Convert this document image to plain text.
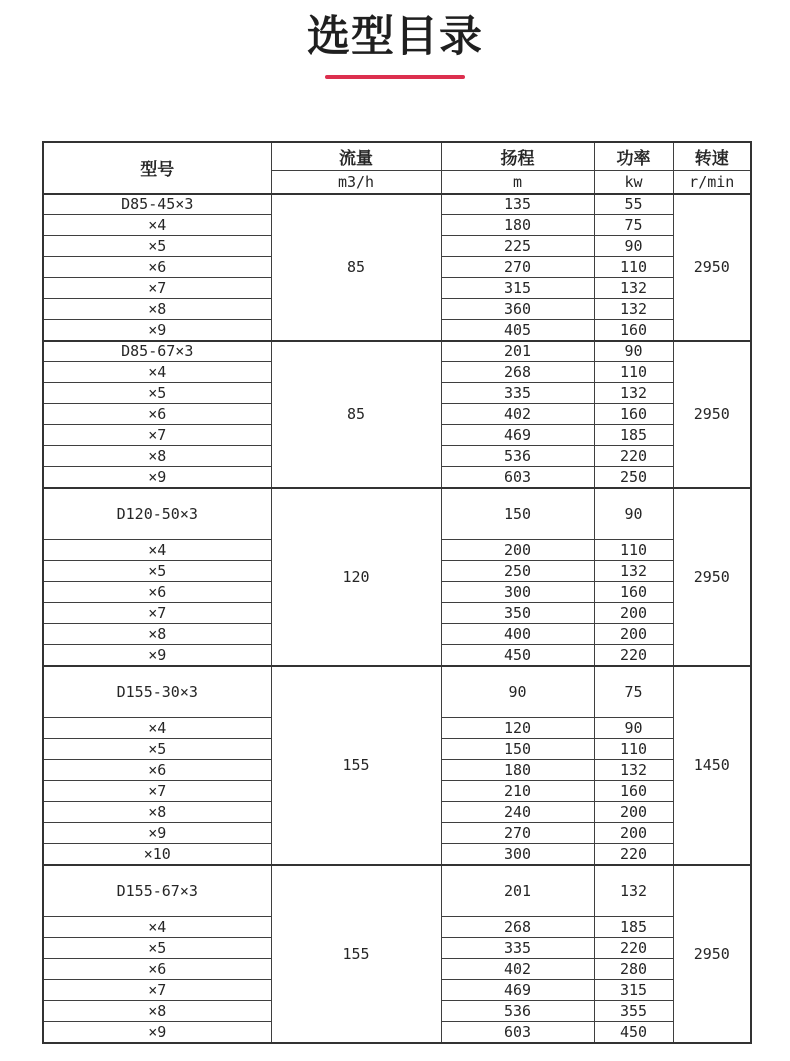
选型目录
型号	流量	扬程	功率	转速
	m3/h	m	kw	r/min
D85-45×3	85	135	55	2950
×4		180	75	
×5		225	90	
×6		270	110	
×7		315	132	
×8		360	132	
×9		405	160	
D85-67×3	85	201	90	2950
×4		268	110	
×5		335	132	
×6		402	160	
×7		469	185	
×8		536	220	
×9		603	250	
D120-50×3	120	150	90	2950
×4		200	110	
×5		250	132	
×6		300	160	
×7		350	200	
×8		400	200	
×9		450	220	
D155-30×3	155	90	75	1450
×4		120	90	
×5		150	110	
×6		180	132	
×7		210	160	
×8		240	200	
×9		270	200	
×10		300	220	
D155-67×3	155	201	132	2950
×4		268	185	
×5		335	220	
×6		402	280	
×7		469	315	
×8		536	355	
×9		603	450	
